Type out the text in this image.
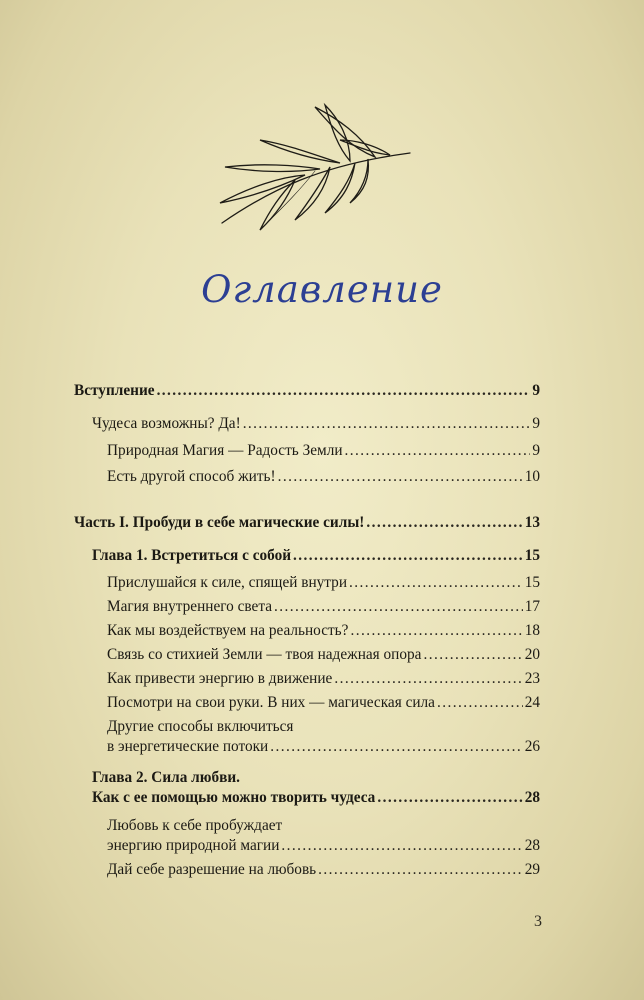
Оглавление
Вступление . . .	9
Чудеса возможны? Да! . . .	9
Природная Магия — Радость Земли . . .	9
Есть другой способ жить! . . .	10
Часть I. Пробуди в себе магические силы! . . .	13
Глава 1. Встретиться с собой . . .	15
Прислушайся к силе, спящей внутри . . .	15
Магия внутреннего света . . .	17
Как мы воздействуем на реальность? . . .	18
Связь со стихией Земли — твоя надежная опора . . .	20
Как привести энергию в движение . . .	23
Посмотри на свои руки. В них — магическая сила . . .	24
Другие способы включиться
в энергетические потоки . . .	26
Глава 2. Сила любви.
Как с ее помощью можно творить чудеса . . .	28
Любовь к себе пробуждает
энергию природной магии . . .	28
Дай себе разрешение на любовь . . .	29
3
